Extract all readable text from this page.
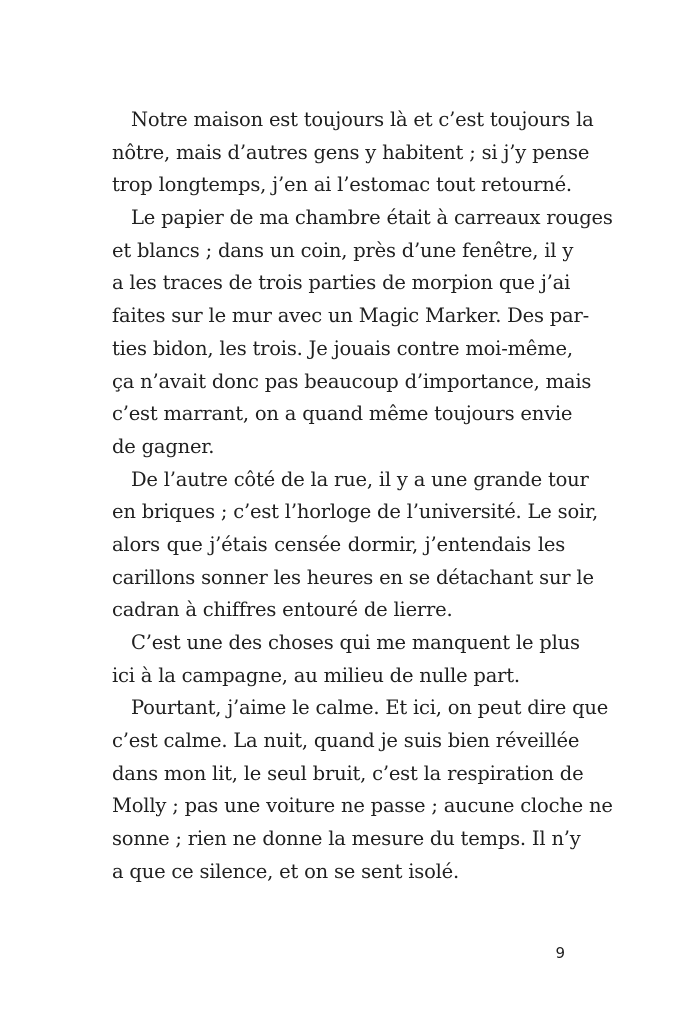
Notre maison est toujours là et c’est toujours la
nôtre, mais d’autres gens y habitent ; si j’y pense
trop longtemps, j’en ai l’estomac tout retourné.
Le papier de ma chambre était à carreaux rouges
et blancs ; dans un coin, près d’une fenêtre, il y
a les traces de trois parties de morpion que j’ai
faites sur le mur avec un Magic Marker. Des par-
ties bidon, les trois. Je jouais contre moi-même,
ça n’avait donc pas beaucoup d’importance, mais
c’est marrant, on a quand même toujours envie
de gagner.
De l’autre côté de la rue, il y a une grande tour
en briques ; c’est l’horloge de l’université. Le soir,
alors que j’étais censée dormir, j’entendais les
carillons sonner les heures en se détachant sur le
cadran à chiffres entouré de lierre.
C’est une des choses qui me manquent le plus
ici à la campagne, au milieu de nulle part.
Pourtant, j’aime le calme. Et ici, on peut dire que
c’est calme. La nuit, quand je suis bien réveillée
dans mon lit, le seul bruit, c’est la respiration de
Molly ; pas une voiture ne passe ; aucune cloche ne
sonne ; rien ne donne la mesure du temps. Il n’y
a que ce silence, et on se sent isolé.
9
